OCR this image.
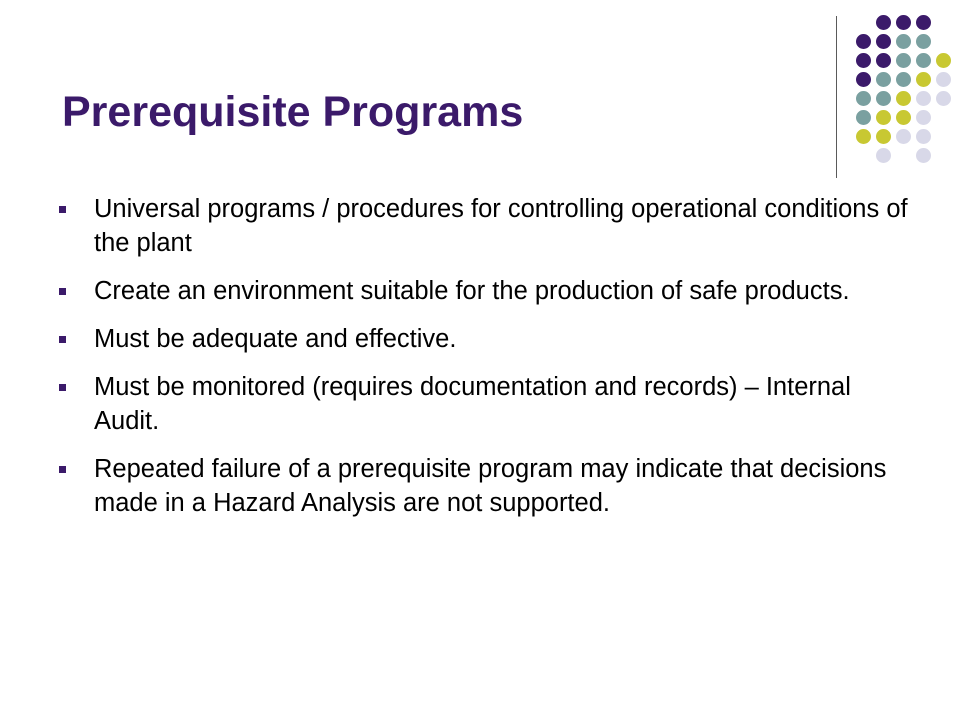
Prerequisite Programs
Universal programs / procedures for controlling operational conditions of the plant
Create an environment suitable for the production of safe products.
Must be adequate and effective.
Must be monitored (requires documentation and records) – Internal Audit.
Repeated failure of a prerequisite program may indicate that decisions made in a Hazard Analysis are not supported.
